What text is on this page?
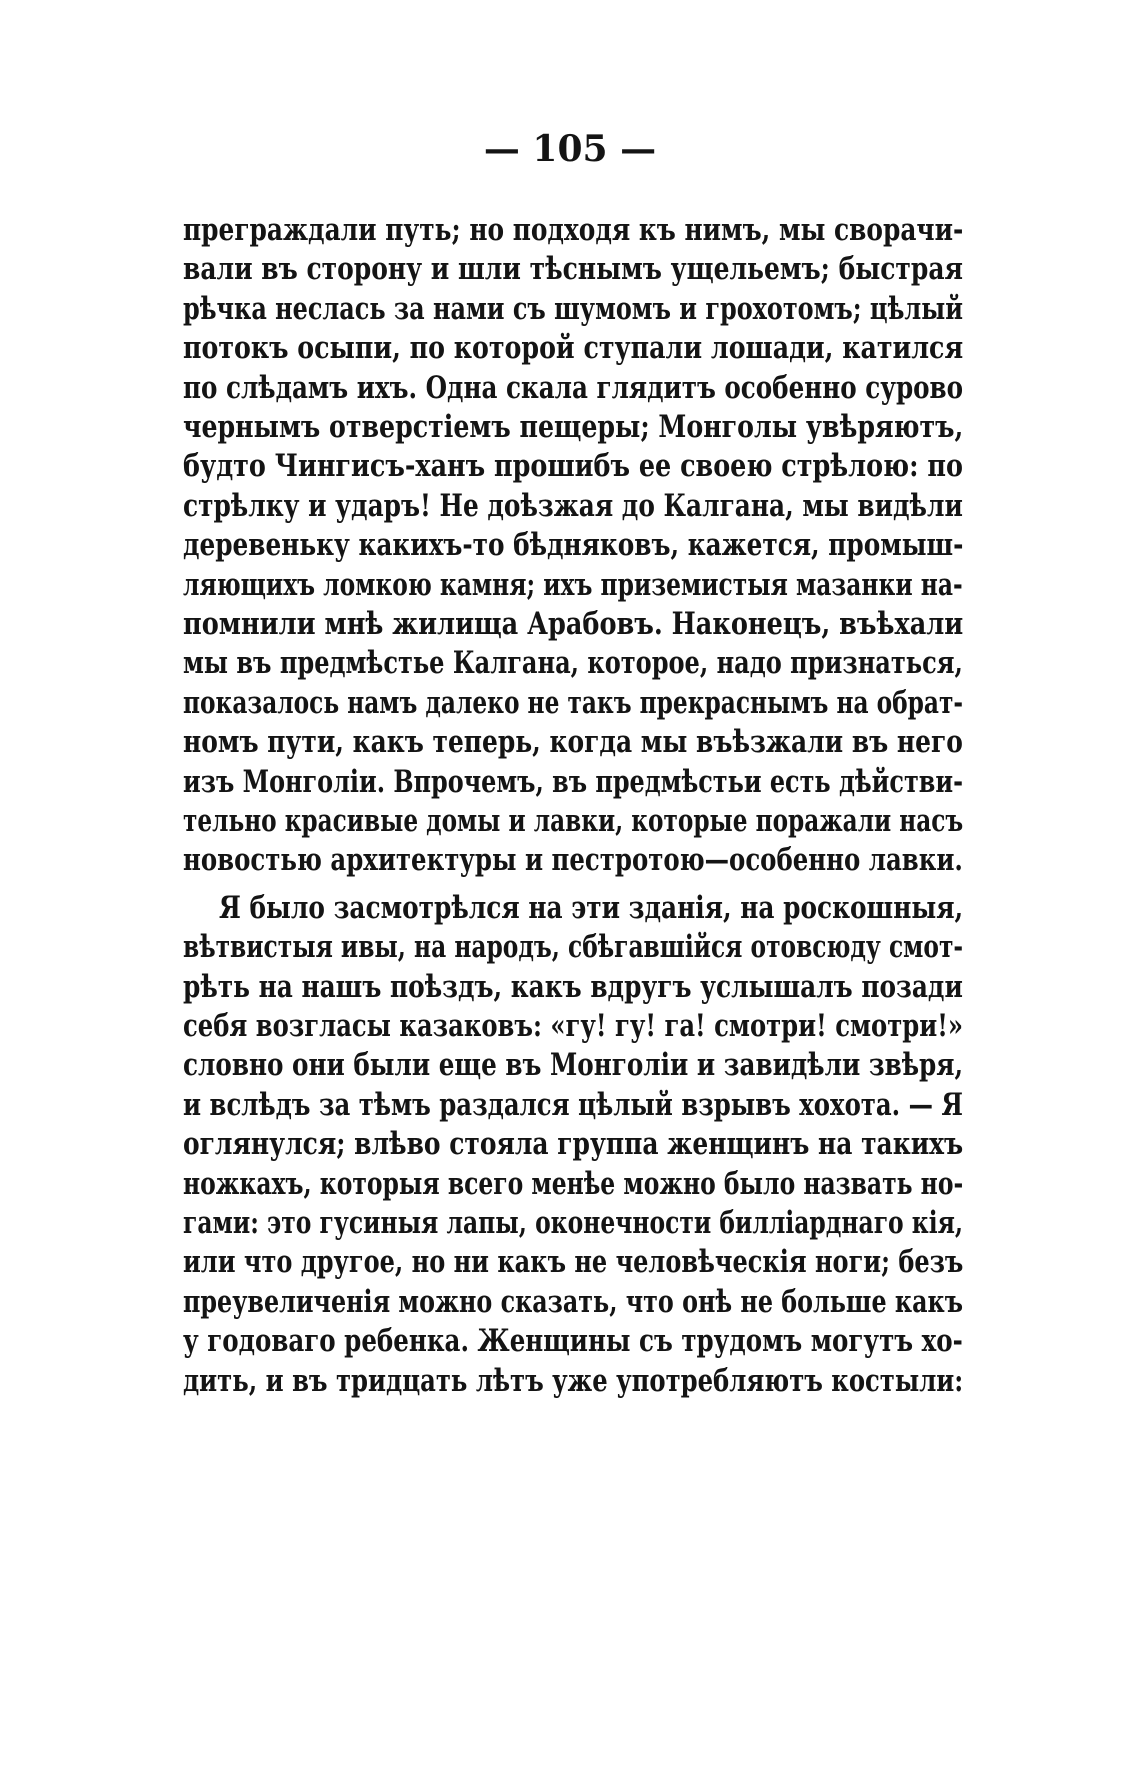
— 105 —
преграждали путь; но подходя къ нимъ, мы сворачи-
вали въ сторону и шли тѣснымъ ущельемъ; быстрая
рѣчка неслась за нами съ шумомъ и грохотомъ; цѣлый
потокъ осыпи, по которой ступали лошади, катился
по слѣдамъ ихъ. Одна скала глядитъ особенно сурово
чернымъ отверстіемъ пещеры; Монголы увѣряютъ,
будто Чингисъ-ханъ прошибъ ее своею стрѣлою: по
стрѣлку и ударъ! Не доѣзжая до Калгана, мы видѣли
деревеньку какихъ-то бѣдняковъ, кажется, промыш-
ляющихъ ломкою камня; ихъ приземистыя мазанки на-
помнили мнѣ жилища Арабовъ. Наконецъ, въѣхали
мы въ предмѣстье Калгана, которое, надо признаться,
показалось намъ далеко не такъ прекраснымъ на обрат-
номъ пути, какъ теперь, когда мы въѣзжали въ него
изъ Монголіи. Впрочемъ, въ предмѣстьи есть дѣйстви-
тельно красивые домы и лавки, которые поражали насъ
новостью архитектуры и пестротою—особенно лавки.
Я было засмотрѣлся на эти зданія, на роскошныя,
вѣтвистыя ивы, на народъ, сбѣгавшійся отовсюду смот-
рѣть на нашъ поѣздъ, какъ вдругъ услышалъ позади
себя возгласы казаковъ: «гу! гу! га! смотри! смотри!»
словно они были еще въ Монголіи и завидѣли звѣря,
и вслѣдъ за тѣмъ раздался цѣлый взрывъ хохота. — Я
оглянулся; влѣво стояла группа женщинъ на такихъ
ножкахъ, которыя всего менѣе можно было назвать но-
гами: это гусиныя лапы, оконечности билліарднаго кія,
или что другое, но ни какъ не человѣческія ноги; безъ
преувеличенія можно сказать, что онѣ не больше какъ
у годоваго ребенка. Женщины съ трудомъ могутъ хо-
дить, и въ тридцать лѣтъ уже употребляютъ костыли:
